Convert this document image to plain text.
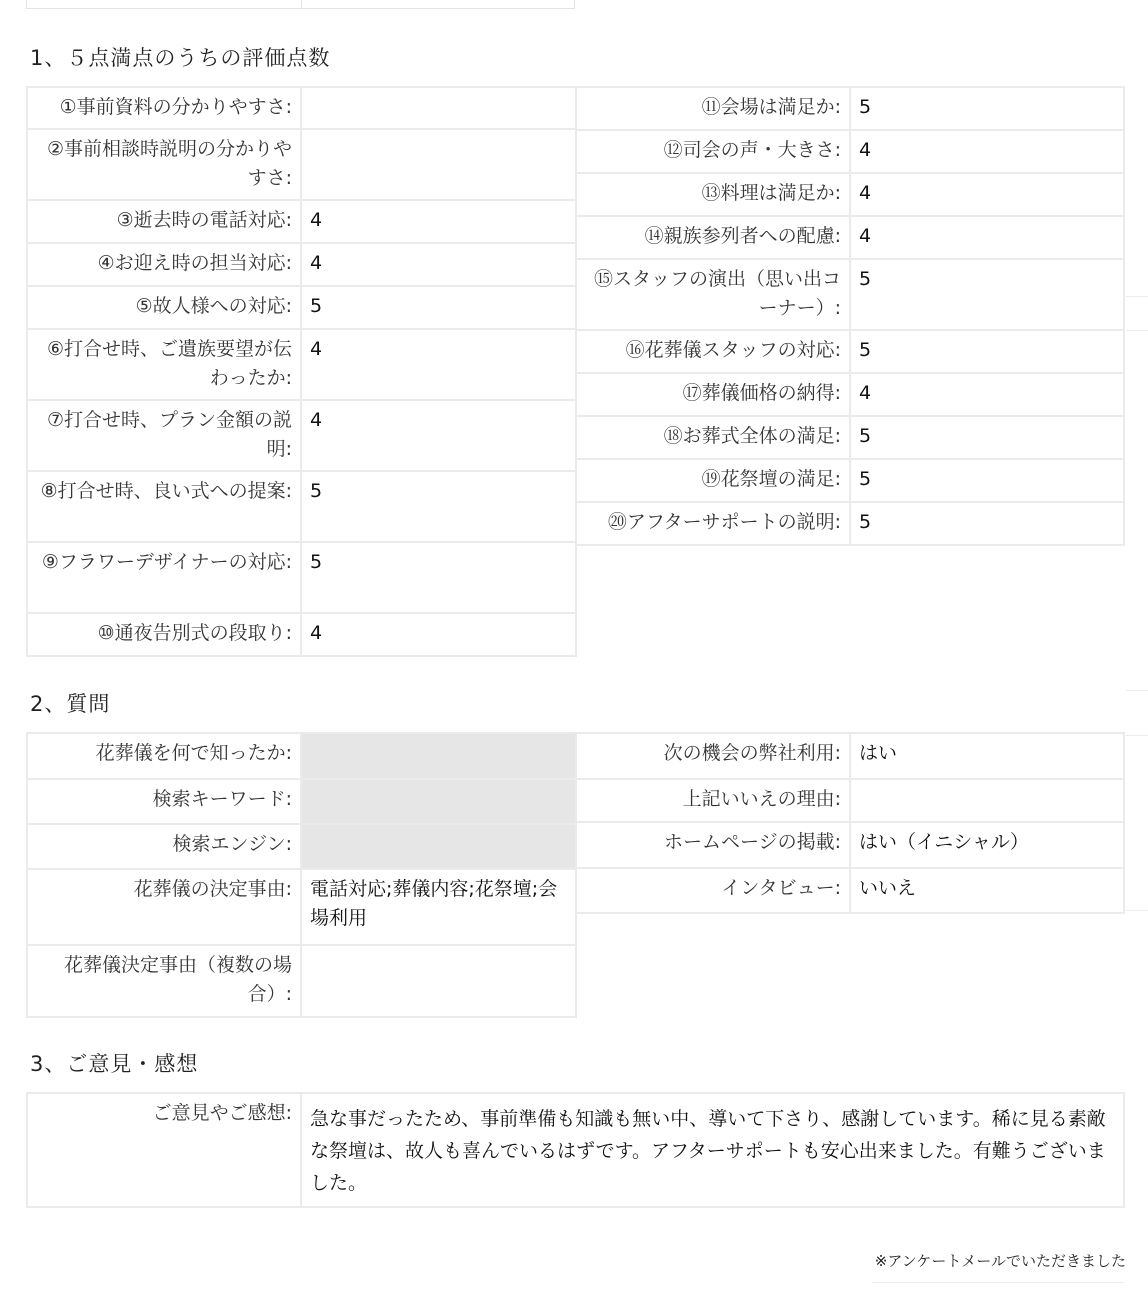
1、５点満点のうちの評価点数
①事前資料の分かりやすさ:	
②事前相談時説明の分かりやすさ:	
③逝去時の電話対応:	4
④お迎え時の担当対応:	4
⑤故人様への対応:	5
⑥打合せ時、ご遺族要望が伝わったか:	4
⑦打合せ時、プラン金額の説明:	4
⑧打合せ時、良い式への提案:	5
⑨フラワーデザイナーの対応:	5
⑩通夜告別式の段取り:	4
⑪会場は満足か:	5
⑫司会の声・大きさ:	4
⑬料理は満足か:	4
⑭親族参列者への配慮:	4
⑮スタッフの演出（思い出コーナー）:	5
⑯花葬儀スタッフの対応:	5
⑰葬儀価格の納得:	4
⑱お葬式全体の満足:	5
⑲花祭壇の満足:	5
⑳アフターサポートの説明:	5
2、質問
花葬儀を何で知ったか:	
検索キーワード:	
検索エンジン:	
花葬儀の決定事由:	電話対応;葬儀内容;花祭壇;会場利用
花葬儀決定事由（複数の場合）:	
次の機会の弊社利用:	はい
上記いいえの理由:	
ホームページの掲載:	はい（イニシャル）
インタビュー:	いいえ
3、ご意見・感想
ご意見やご感想:	急な事だったため、事前準備も知識も無い中、導いて下さり、感謝しています。稀に見る素敵な祭壇は、故人も喜んでいるはずです。アフターサポートも安心出来ました。有難うございました。
※アンケートメールでいただきました
